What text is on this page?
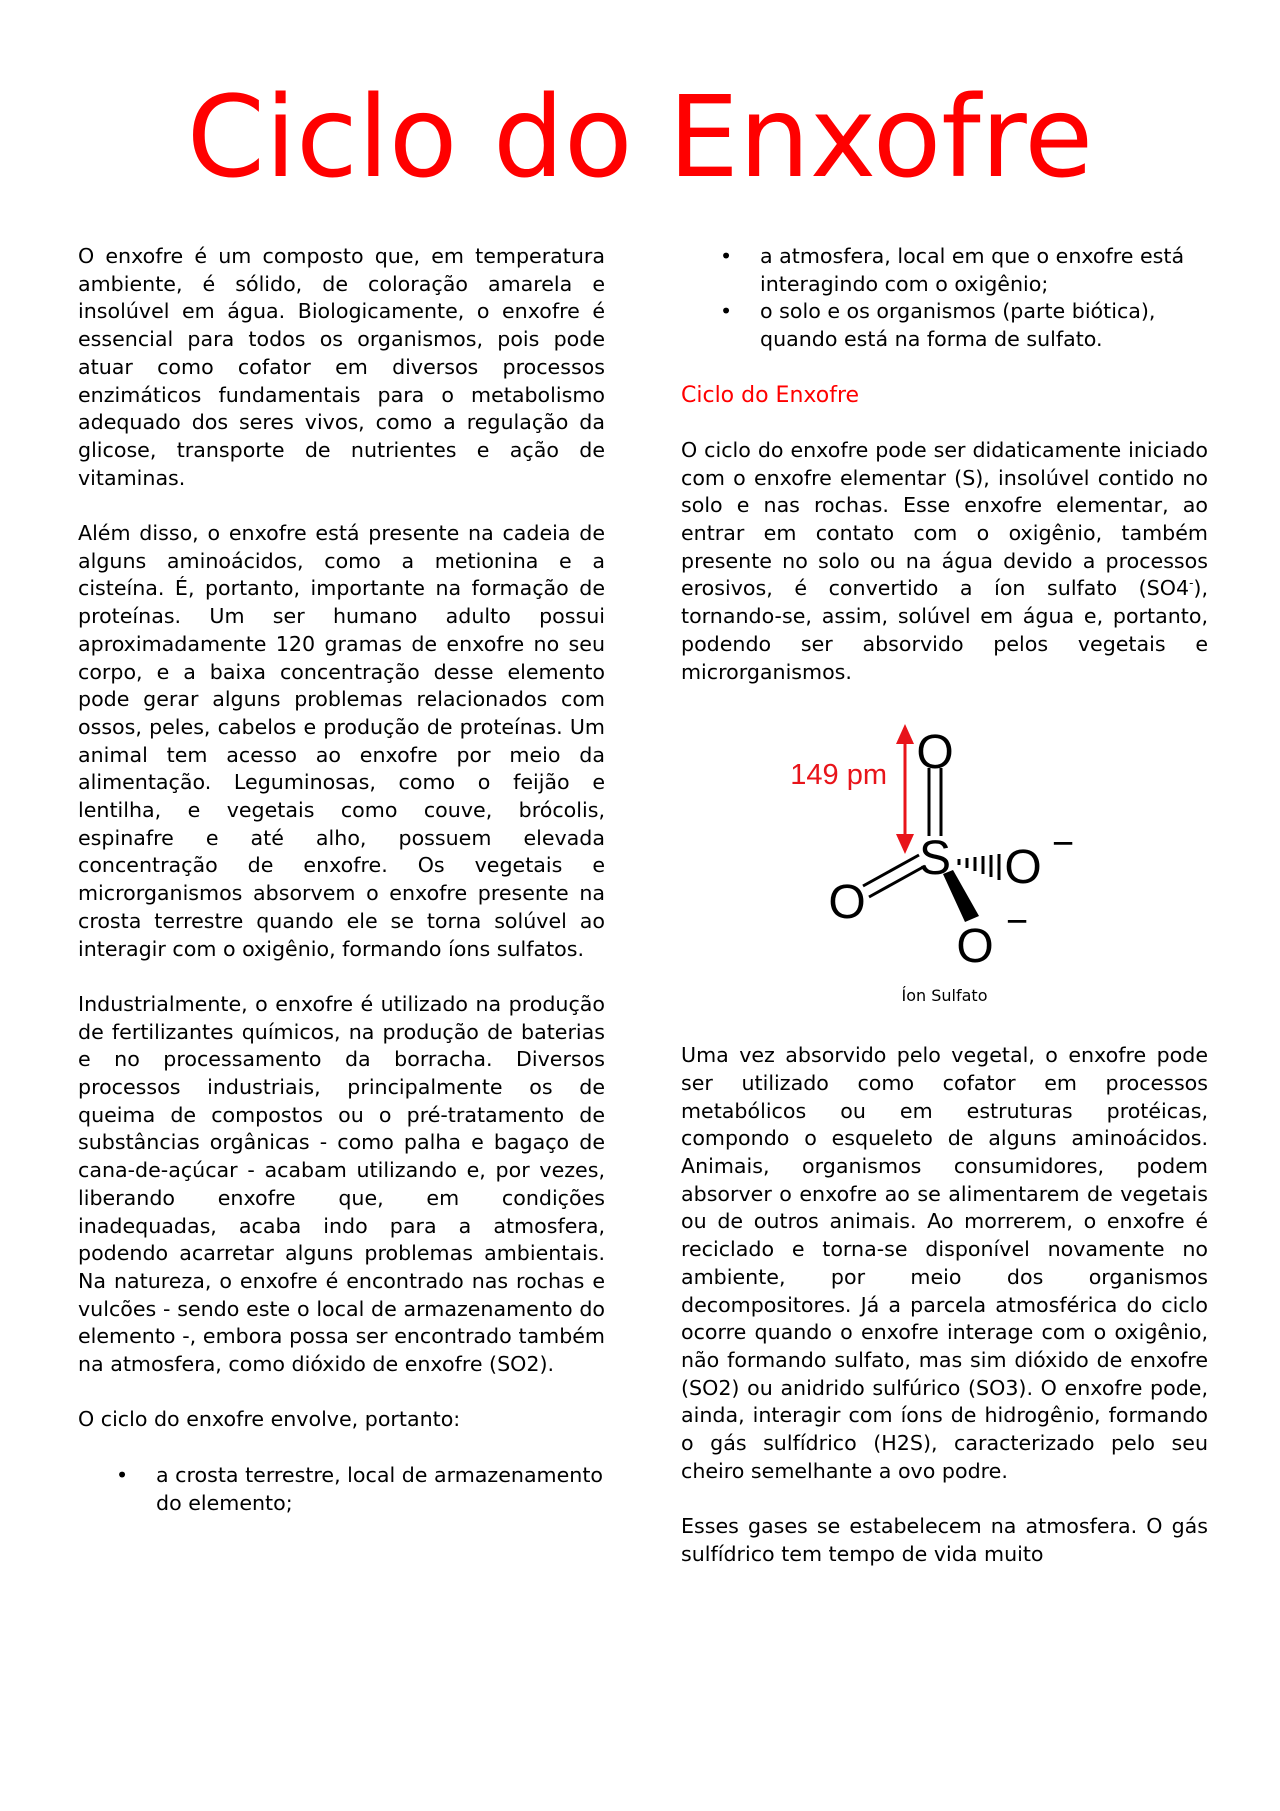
Ciclo do Enxofre

O enxofre é um composto que, em temperatura ambiente, é sólido, de coloração amarela e insolúvel em água. Biologicamente, o enxofre é essencial para todos os organismos, pois pode atuar como cofator em diversos processos enzimáticos fundamentais para o metabolismo adequado dos seres vivos, como a regulação da glicose, transporte de nutrientes e ação de vitaminas.

Além disso, o enxofre está presente na cadeia de alguns aminoácidos, como a metionina e a cisteína. É, portanto, importante na formação de proteínas. Um ser humano adulto possui aproximadamente 120 gramas de enxofre no seu corpo, e a baixa concentração desse elemento pode gerar alguns problemas relacionados com ossos, peles, cabelos e produção de proteínas. Um animal tem acesso ao enxofre por meio da alimentação. Leguminosas, como o feijão e lentilha, e vegetais como couve, brócolis, espinafre e até alho, possuem elevada concentração de enxofre. Os vegetais e microrganismos absorvem o enxofre presente na crosta terrestre quando ele se torna solúvel ao interagir com o oxigênio, formando íons sulfatos.

Industrialmente, o enxofre é utilizado na produção de fertilizantes químicos, na produção de baterias e no processamento da borracha. Diversos processos industriais, principalmente os de queima de compostos ou o pré-tratamento de substâncias orgânicas - como palha e bagaço de cana-de-açúcar - acabam utilizando e, por vezes, liberando enxofre que, em condições inadequadas, acaba indo para a atmosfera, podendo acarretar alguns problemas ambientais. Na natureza, o enxofre é encontrado nas rochas e vulcões - sendo este o local de armazenamento do elemento -, embora possa ser encontrado também na atmosfera, como dióxido de enxofre (SO2).

O ciclo do enxofre envolve, portanto:

• a crosta terrestre, local de armazenamento do elemento;
• a atmosfera, local em que o enxofre está interagindo com o oxigênio;
• o solo e os organismos (parte biótica), quando está na forma de sulfato.
Ciclo do Enxofre

O ciclo do enxofre pode ser didaticamente iniciado com o enxofre elementar (S), insolúvel contido no solo e nas rochas. Esse enxofre elementar, ao entrar em contato com o oxigênio, também presente no solo ou na água devido a processos erosivos, é convertido a íon sulfato (SO4-), tornando-se, assim, solúvel em água e, portanto, podendo ser absorvido pelos vegetais e microrganismos.

149 pm O
S
O
O
O
−
−
Íon Sulfato

Uma vez absorvido pelo vegetal, o enxofre pode ser utilizado como cofator em processos metabólicos ou em estruturas protéicas, compondo o esqueleto de alguns aminoácidos. Animais, organismos consumidores, podem absorver o enxofre ao se alimentarem de vegetais ou de outros animais. Ao morrerem, o enxofre é reciclado e torna-se disponível novamente no ambiente, por meio dos organismos decompositores. Já a parcela atmosférica do ciclo ocorre quando o enxofre interage com o oxigênio, não formando sulfato, mas sim dióxido de enxofre (SO2) ou anidrido sulfúrico (SO3). O enxofre pode, ainda, interagir com íons de hidrogênio, formando o gás sulfídrico (H2S), caracterizado pelo seu cheiro semelhante a ovo podre.

Esses gases se estabelecem na atmosfera. O gás sulfídrico tem tempo de vida muito
